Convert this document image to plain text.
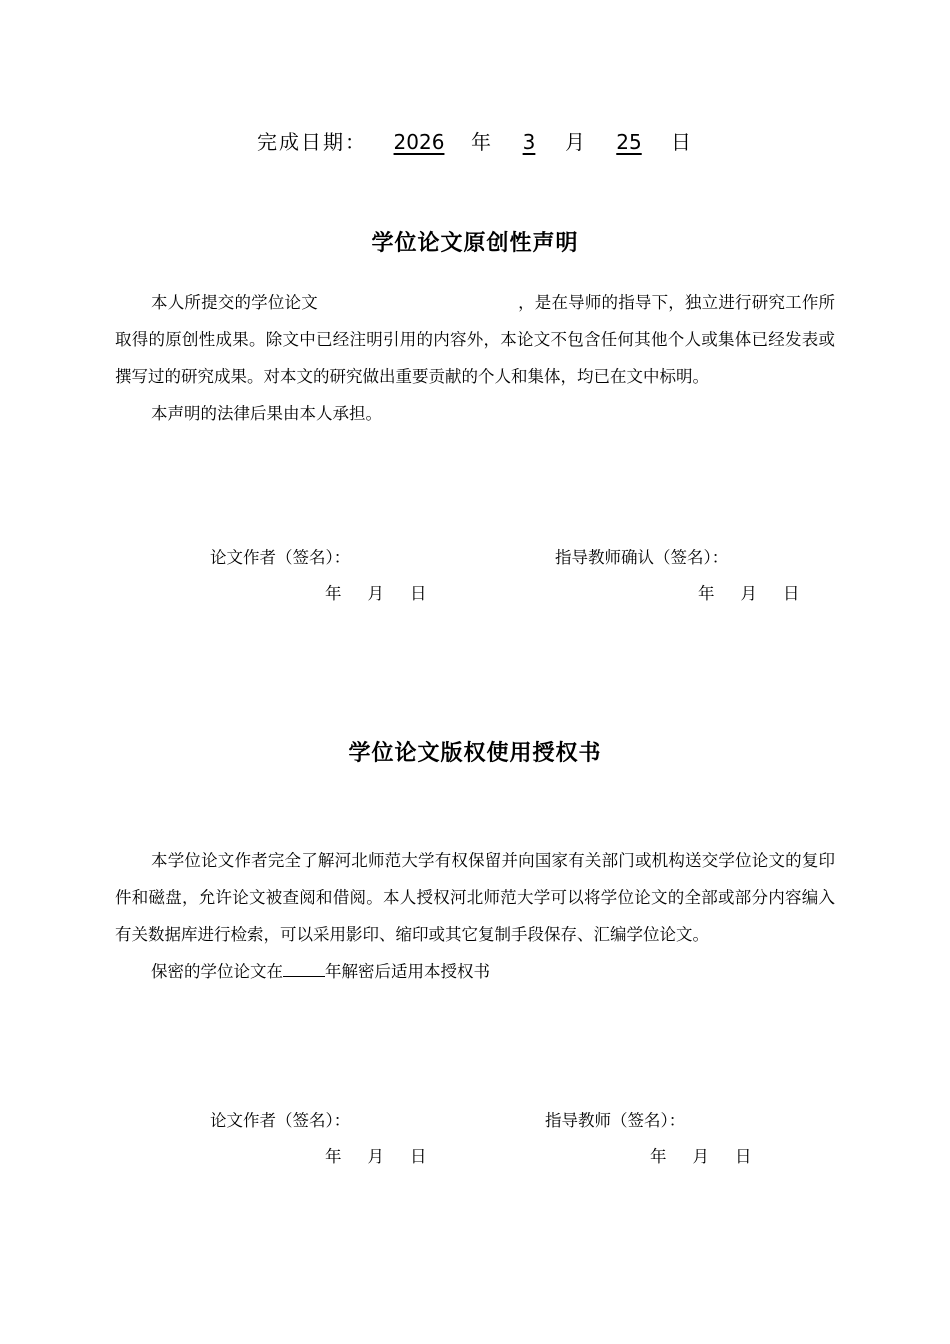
完成日期： 2026 年 3 月 25 日
学位论文原创性声明

本人所提交的学位论文	，是在导师的指导下，独立进行研究工作所取得的原创性成果。除文中已经注明引用的内容外，本论文不包含任何其他个人或集体已经发表或撰写过的研究成果。对本文的研究做出重要贡献的个人和集体，均已在文中标明。

本声明的法律后果由本人承担。

论文作者（签名）：	指导教师确认（签名）：
年 月 日	年 月 日
学位论文版权使用授权书

本学位论文作者完全了解河北师范大学有权保留并向国家有关部门或机构送交学位论文的复印件和磁盘，允许论文被查阅和借阅。本人授权河北师范大学可以将学位论文的全部或部分内容编入有关数据库进行检索，可以采用影印、缩印或其它复制手段保存、汇编学位论文。

保密的学位论文在	年解密后适用本授权书

论文作者（签名）：	指导教师（签名）：
年 月 日	年 月 日
